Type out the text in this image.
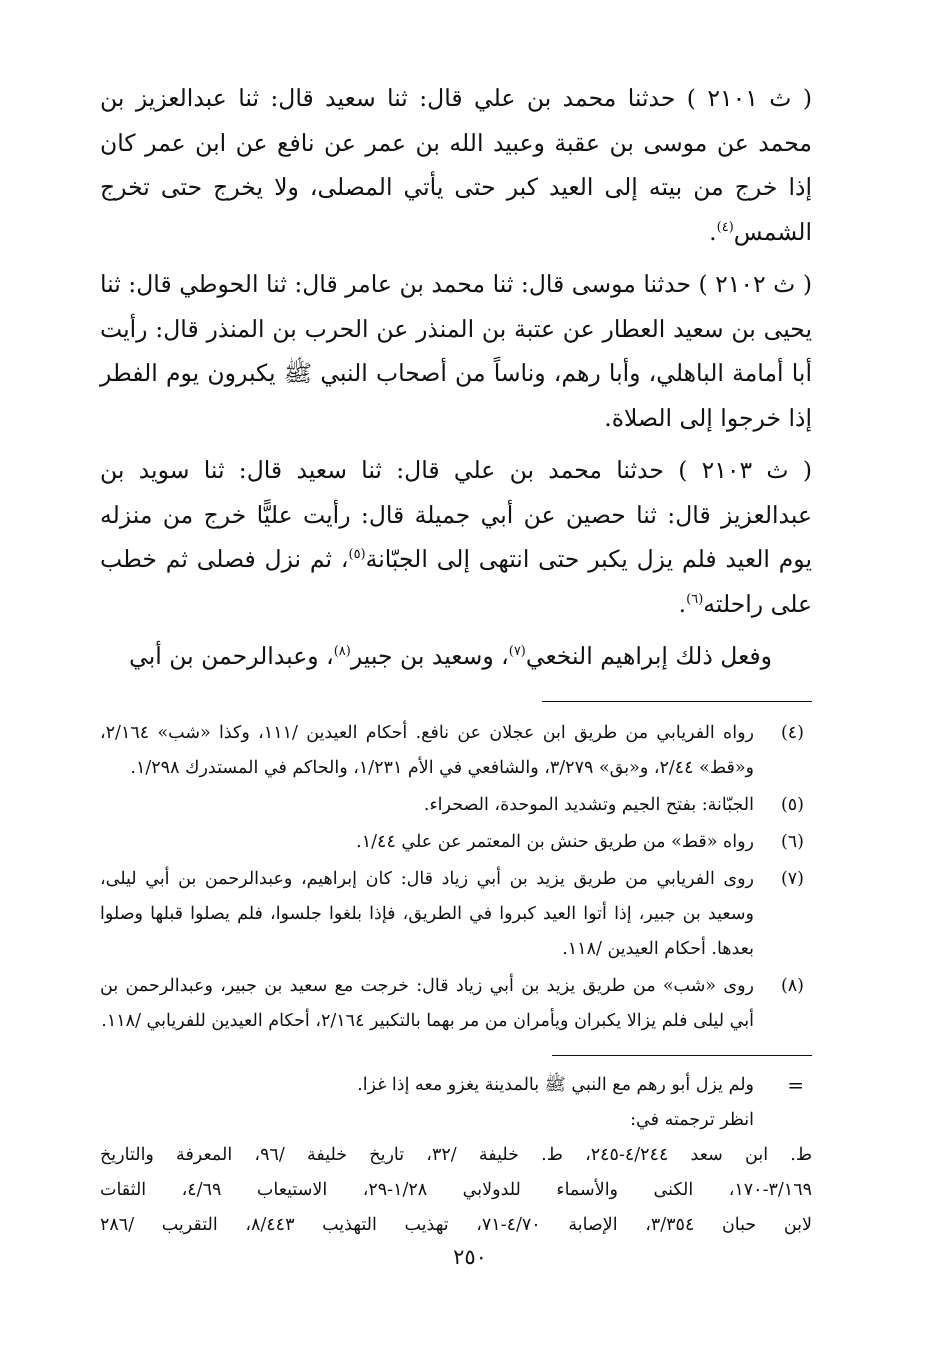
( ث ٢١٠١ ) حدثنا محمد بن علي قال: ثنا سعيد قال: ثنا عبدالعزيز بن محمد عن موسى بن عقبة وعبيد الله بن عمر عن نافع عن ابن عمر كان إذا خرج من بيته إلى العيد كبر حتى يأتي المصلى، ولا يخرج حتى تخرج الشمس$^{(٤)}$.

( ث ٢١٠٢ ) حدثنا موسى قال: ثنا محمد بن عامر قال: ثنا الحوطي قال: ثنا يحيى بن سعيد العطار عن عتبة بن المنذر عن الحرب بن المنذر قال: رأيت أبا أمامة الباهلي، وأبا رهم، وناساً من أصحاب النبي ﷺ يكبرون يوم الفطر إذا خرجوا إلى الصلاة.

( ث ٢١٠٣ ) حدثنا محمد بن علي قال: ثنا سعيد قال: ثنا سويد بن عبدالعزيز قال: ثنا حصين عن أبي جميلة قال: رأيت عليًّا خرج من منزله يوم العيد فلم يزل يكبر حتى انتهى إلى الجبّانة$^{(٥)}$، ثم نزل فصلى ثم خطب على راحلته$^{(٦)}$.

وفعل ذلك إبراهيم النخعي$^{(٧)}$، وسعيد بن جبير$^{(٨)}$، وعبدالرحمن بن أبي

(٤)
رواه الفريابي من طريق ابن عجلان عن نافع. أحكام العيدين /١١١، وكذا «شب» ٢/١٦٤، و«قط» ٢/٤٤، و«بق» ٣/٢٧٩، والشافعي في الأم ١/٢٣١، والحاكم في المستدرك ١/٢٩٨.
(٥)
الجبّانة: بفتح الجيم وتشديد الموحدة، الصحراء.
(٦)
رواه «قط» من طريق حنش بن المعتمر عن علي ١/٤٤.
(٧)
روى الفريابي من طريق يزيد بن أبي زياد قال: كان إبراهيم، وعبدالرحمن بن أبي ليلى، وسعيد بن جبير، إذا أتوا العيد كبروا في الطريق، فإذا بلغوا جلسوا، فلم يصلوا قبلها وصلوا بعدها. أحكام العيدين /١١٨.
(٨)
روى «شب» من طريق يزيد بن أبي زياد قال: خرجت مع سعيد بن جبير، وعبدالرحمن بن أبي ليلى فلم يزالا يكبران ويأمران من مر بهما بالتكبير ٢/١٦٤، أحكام العيدين للفريابي /١١٨.
=
ولم يزل أبو رهم مع النبي ﷺ بالمدينة يغزو معه إذا غزا.
انظر ترجمته في:
ط. ابن سعد ٤/٢٤٤-٢٤٥، ط. خليفة /٣٢، تاريخ خليفة /٩٦، المعرفة والتاريخ
٣/١٦٩-١٧٠، الكنى والأسماء للدولابي ١/٢٨-٢٩، الاستيعاب ٤/٦٩، الثقات
لابن حبان ٣/٣٥٤، الإصابة ٤/٧٠-٧١، تهذيب التهذيب ٨/٤٤٣، التقريب /٢٨٦
٢٥٠
